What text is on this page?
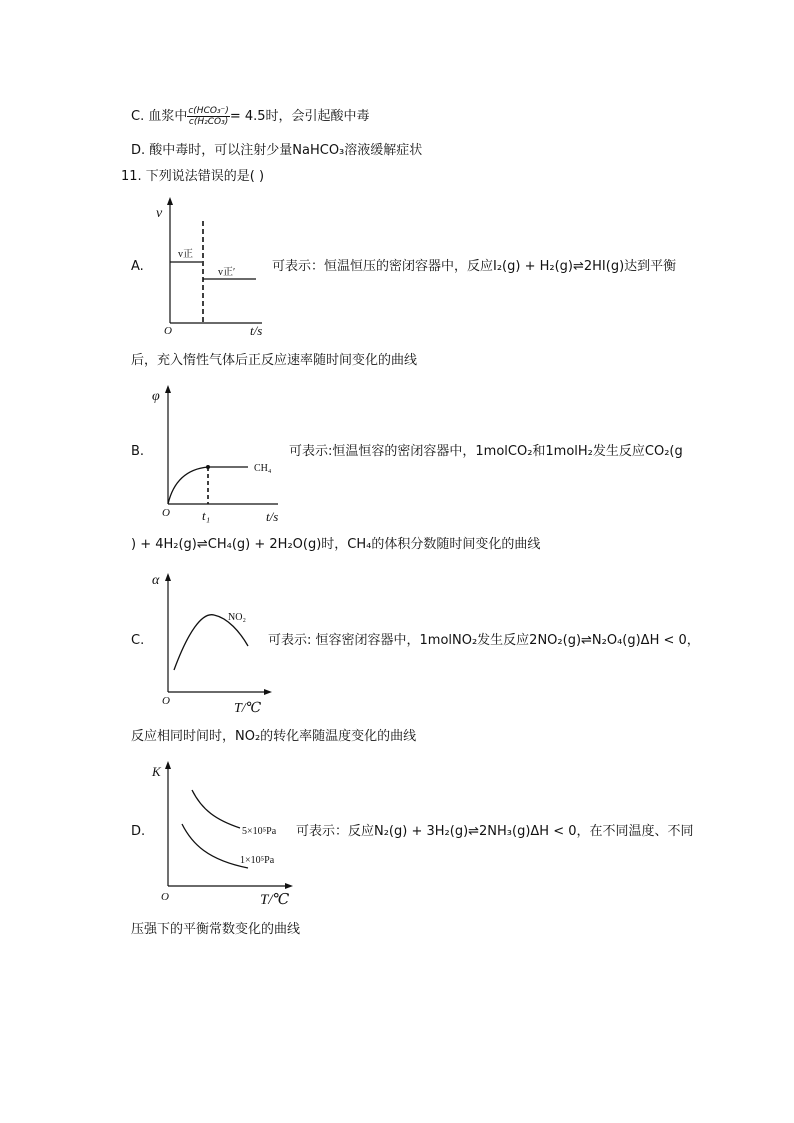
C. 血浆中 $\frac{\text{c(HCO₃⁻)}}{\text{c(H₂CO₃)}} = 4.5$时，会引起酸中毒
D. 酸中毒时，可以注射少量NaHCO₃溶液缓解症状
11. 下列说法错误的是( )
A.
v
O	t/s
v正
v正′	可表示：恒温恒压的密闭容器中，反应I₂(g) + H₂(g)⇌2HI(g)达到平衡
后，充入惰性气体后正反应速率随时间变化的曲线
B.
φ
O	t/s
t₁
CH₄
可表示:恒温恒容的密闭容器中，1molCO₂和1molH₂发生反应CO₂(g
) + 4H₂(g)⇌CH₄(g) + 2H₂O(g)时，CH₄的体积分数随时间变化的曲线
C.
α
O	T/℃
NO₂
可表示: 恒容密闭容器中，1molNO₂发生反应2NO₂(g)⇌N₂O₄(g)ΔH < 0，
反应相同时间时，NO₂的转化率随温度变化的曲线
D.
K
O	T/℃
5×10⁵Pa
1×10⁵Pa
可表示：反应N₂(g) + 3H₂(g)⇌2NH₃(g)ΔH < 0，在不同温度、不同
压强下的平衡常数变化的曲线
